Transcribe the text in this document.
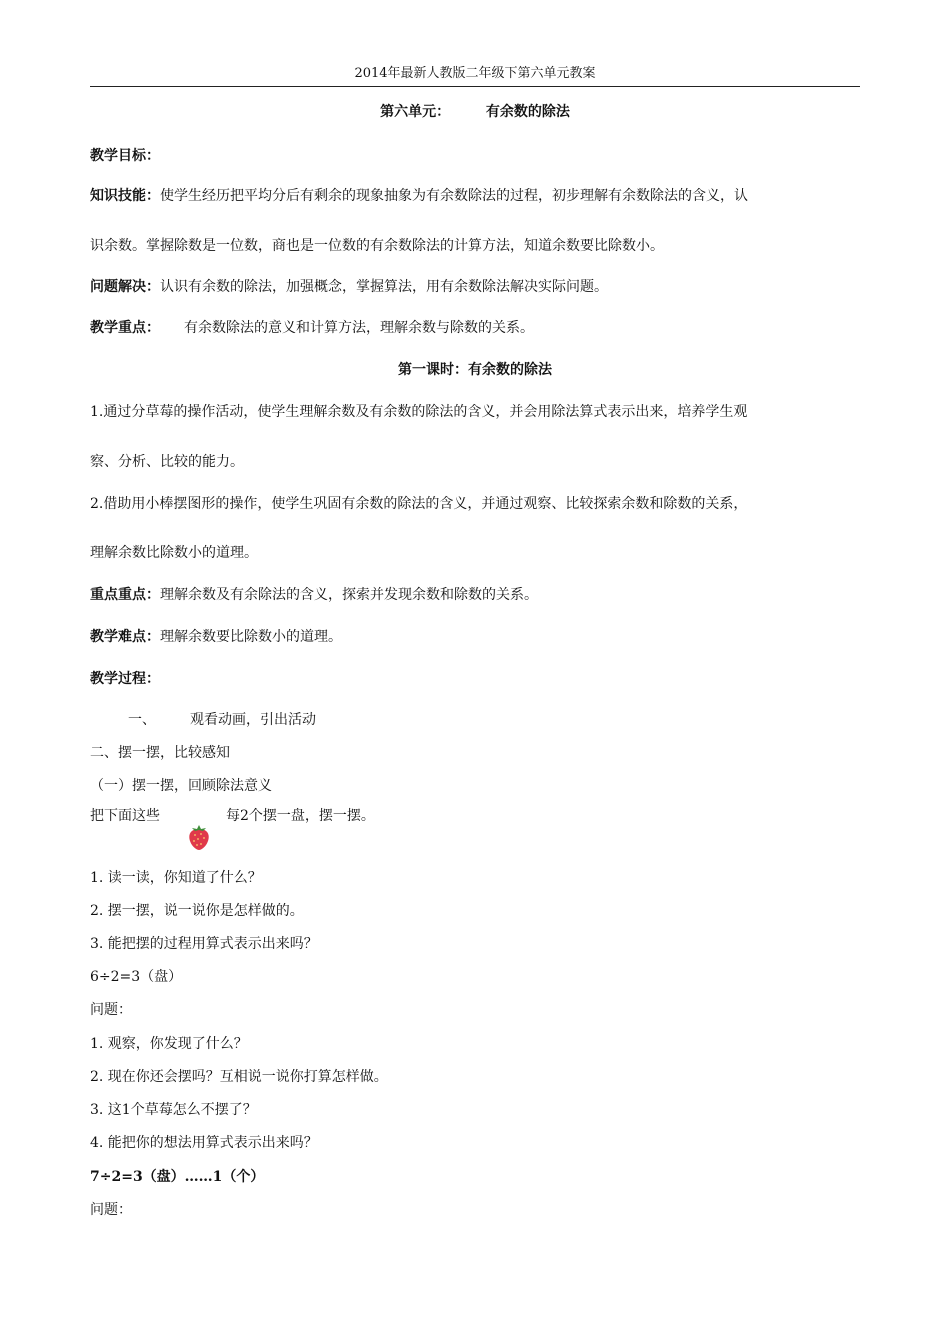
2014年最新人教版二年级下第六单元教案
第六单元：	有余数的除法
教学目标：
知识技能：使学生经历把平均分后有剩余的现象抽象为有余数除法的过程，初步理解有余数除法的含义，认
识余数。掌握除数是一位数，商也是一位数的有余数除法的计算方法，知道余数要比除数小。
问题解决：认识有余数的除法，加强概念，掌握算法，用有余数除法解决实际问题。
教学重点： 有余数除法的意义和计算方法，理解余数与除数的关系。
第一课时：有余数的除法
1.通过分草莓的操作活动，使学生理解余数及有余数的除法的含义，并会用除法算式表示出来，培养学生观
察、分析、比较的能力。
2.借助用小棒摆图形的操作，使学生巩固有余数的除法的含义，并通过观察、比较探索余数和除数的关系，
理解余数比除数小的道理。
重点重点：理解余数及有余除法的含义，探索并发现余数和除数的关系。
教学难点：理解余数要比除数小的道理。
教学过程：
一、 观看动画，引出活动
二、摆一摆，比较感知
（一）摆一摆，回顾除法意义
把下面这些	每2个摆一盘，摆一摆。
1. 读一读，你知道了什么？
2. 摆一摆，说一说你是怎样做的。
3. 能把摆的过程用算式表示出来吗？
6÷2=3（盘）
问题：
1. 观察，你发现了什么？
2. 现在你还会摆吗？互相说一说你打算怎样做。
3. 这1个草莓怎么不摆了？
4. 能把你的想法用算式表示出来吗？
7÷2=3（盘）……1（个）
问题：
